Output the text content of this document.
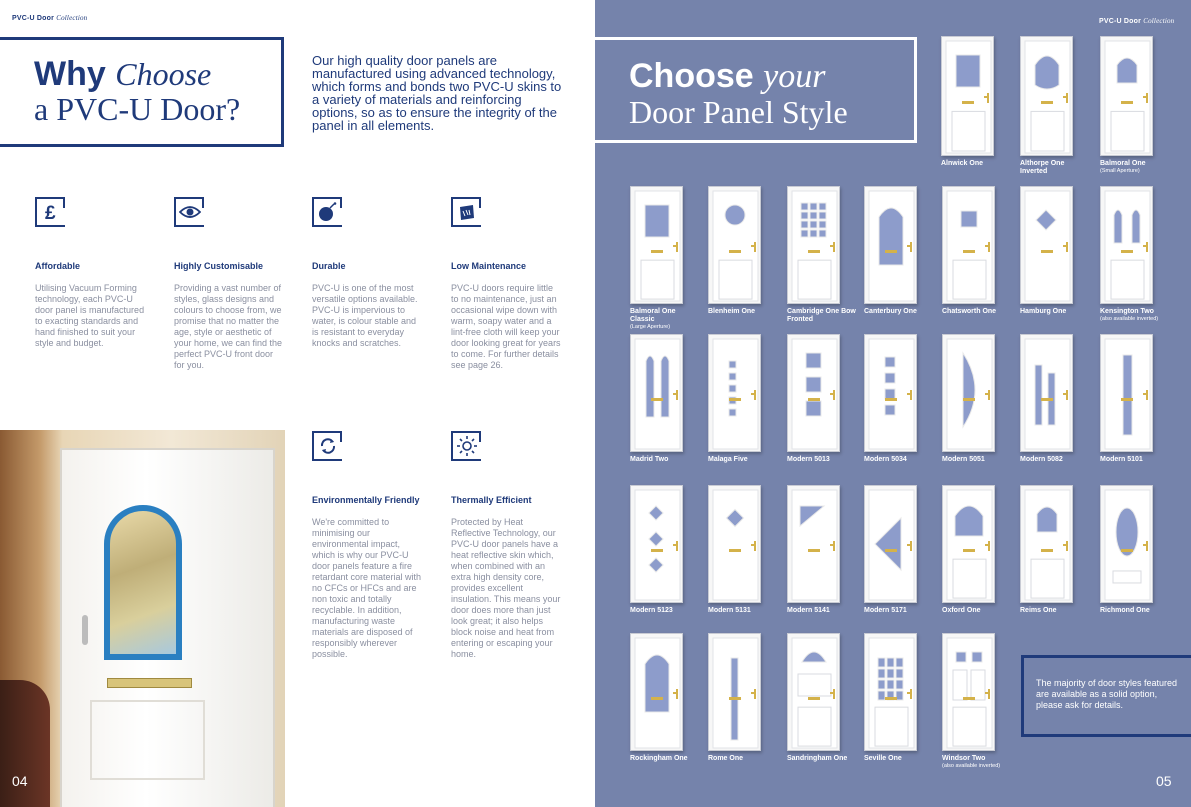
PVC-U Door Collection
Why Choose
a PVC-U Door?

Our high quality door panels are manufactured using advanced technology, which forms and bonds two PVC-U skins to a variety of materials and reinforcing options, so as to ensure the integrity of the panel in all elements.

£
Affordable
Utilising Vacuum Forming technology, each PVC-U door panel is manufactured to exacting standards and hand finished to suit your style and budget.
Highly Customisable
Providing a vast number of styles, glass designs and colours to choose from, we promise that no matter the age, style or aesthetic of your home, we can find the perfect PVC-U front door for you.
Durable
PVC-U is one of the most versatile options available. PVC-U is impervious to water, is colour stable and is resistant to everyday knocks and scratches.
Low Maintenance
PVC-U doors require little to no maintenance, just an occasional wipe down with warm, soapy water and a lint-free cloth will keep your door looking great for years to come. For further details see page 26.
Environmentally Friendly
We're committed to minimising our environmental impact, which is why our PVC-U door panels feature a fire retardant core material with no CFCs or HFCs and are non toxic and totally recyclable. In addition, manufacturing waste materials are disposed of responsibly wherever possible.
Thermally Efficient
Protected by Heat Reflective Technology, our PVC-U door panels have a heat reflective skin which, when combined with an extra high density core, provides excellent insulation. This means your door does more than just look great; it also helps block noise and heat from entering or escaping your home.
04
PVC-U Door Collection
Choose your
Door Panel Style
Alnwick One	Althorpe One Inverted
Balmoral One
(Small Aperture)
Balmoral One Classic
(Large Aperture)
Blenheim One	Cambridge One Bow Fronted
Canterbury One	Chatsworth One	Hamburg One	Kensington Two
(also available inverted)
Madrid Two	Malaga Five	Modern 5013	Modern 5034	Modern 5051	Modern 5082	Modern 5101
Modern 5123	Modern 5131	Modern 5141	Modern 5171	Oxford One	Reims One	Richmond One
Rockingham One	Rome One	Sandringham One	Seville One	Windsor Two
(also available inverted)

The majority of door styles featured are available as a solid option, please ask for details.

05
